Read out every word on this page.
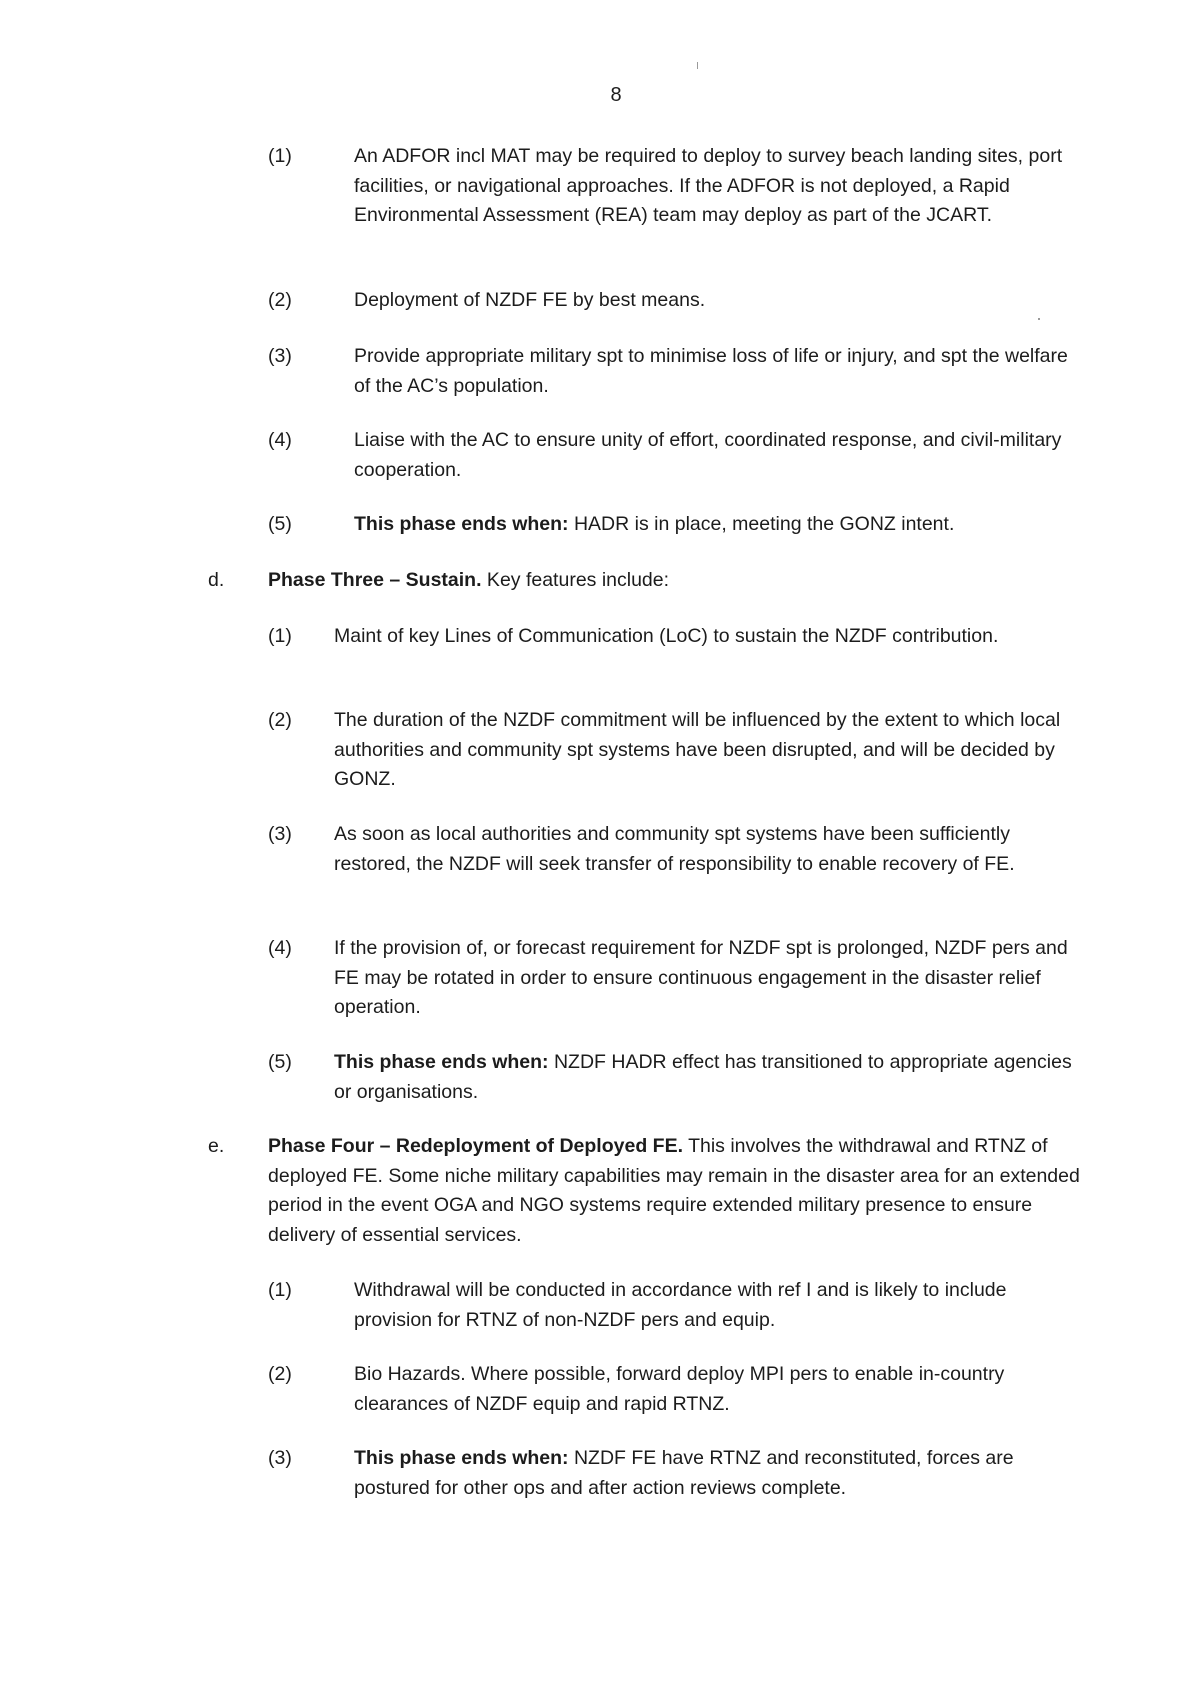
8
(1)	An ADFOR incl MAT may be required to deploy to survey beach landing sites, port facilities, or navigational approaches. If the ADFOR is not deployed, a Rapid Environmental Assessment (REA) team may deploy as part of the JCART.
(2)	Deployment of NZDF FE by best means.
(3)	Provide appropriate military spt to minimise loss of life or injury, and spt the welfare of the AC’s population.
(4)	Liaise with the AC to ensure unity of effort, coordinated response, and civil-military cooperation.
(5)	This phase ends when: HADR is in place, meeting the GONZ intent.
d. Phase Three – Sustain. Key features include:
(1) Maint of key Lines of Communication (LoC) to sustain the NZDF contribution.
(2) The duration of the NZDF commitment will be influenced by the extent to which local authorities and community spt systems have been disrupted, and will be decided by GONZ.
(3) As soon as local authorities and community spt systems have been sufficiently restored, the NZDF will seek transfer of responsibility to enable recovery of FE.
(4) If the provision of, or forecast requirement for NZDF spt is prolonged, NZDF pers and FE may be rotated in order to ensure continuous engagement in the disaster relief operation.
(5) This phase ends when: NZDF HADR effect has transitioned to appropriate agencies or organisations.
e. Phase Four – Redeployment of Deployed FE. This involves the withdrawal and RTNZ of deployed FE. Some niche military capabilities may remain in the disaster area for an extended period in the event OGA and NGO systems require extended military presence to ensure delivery of essential services.
(1)	Withdrawal will be conducted in accordance with ref I and is likely to include provision for RTNZ of non-NZDF pers and equip.
(2)	Bio Hazards. Where possible, forward deploy MPI pers to enable in-country clearances of NZDF equip and rapid RTNZ.
(3)	This phase ends when: NZDF FE have RTNZ and reconstituted, forces are postured for other ops and after action reviews complete.
